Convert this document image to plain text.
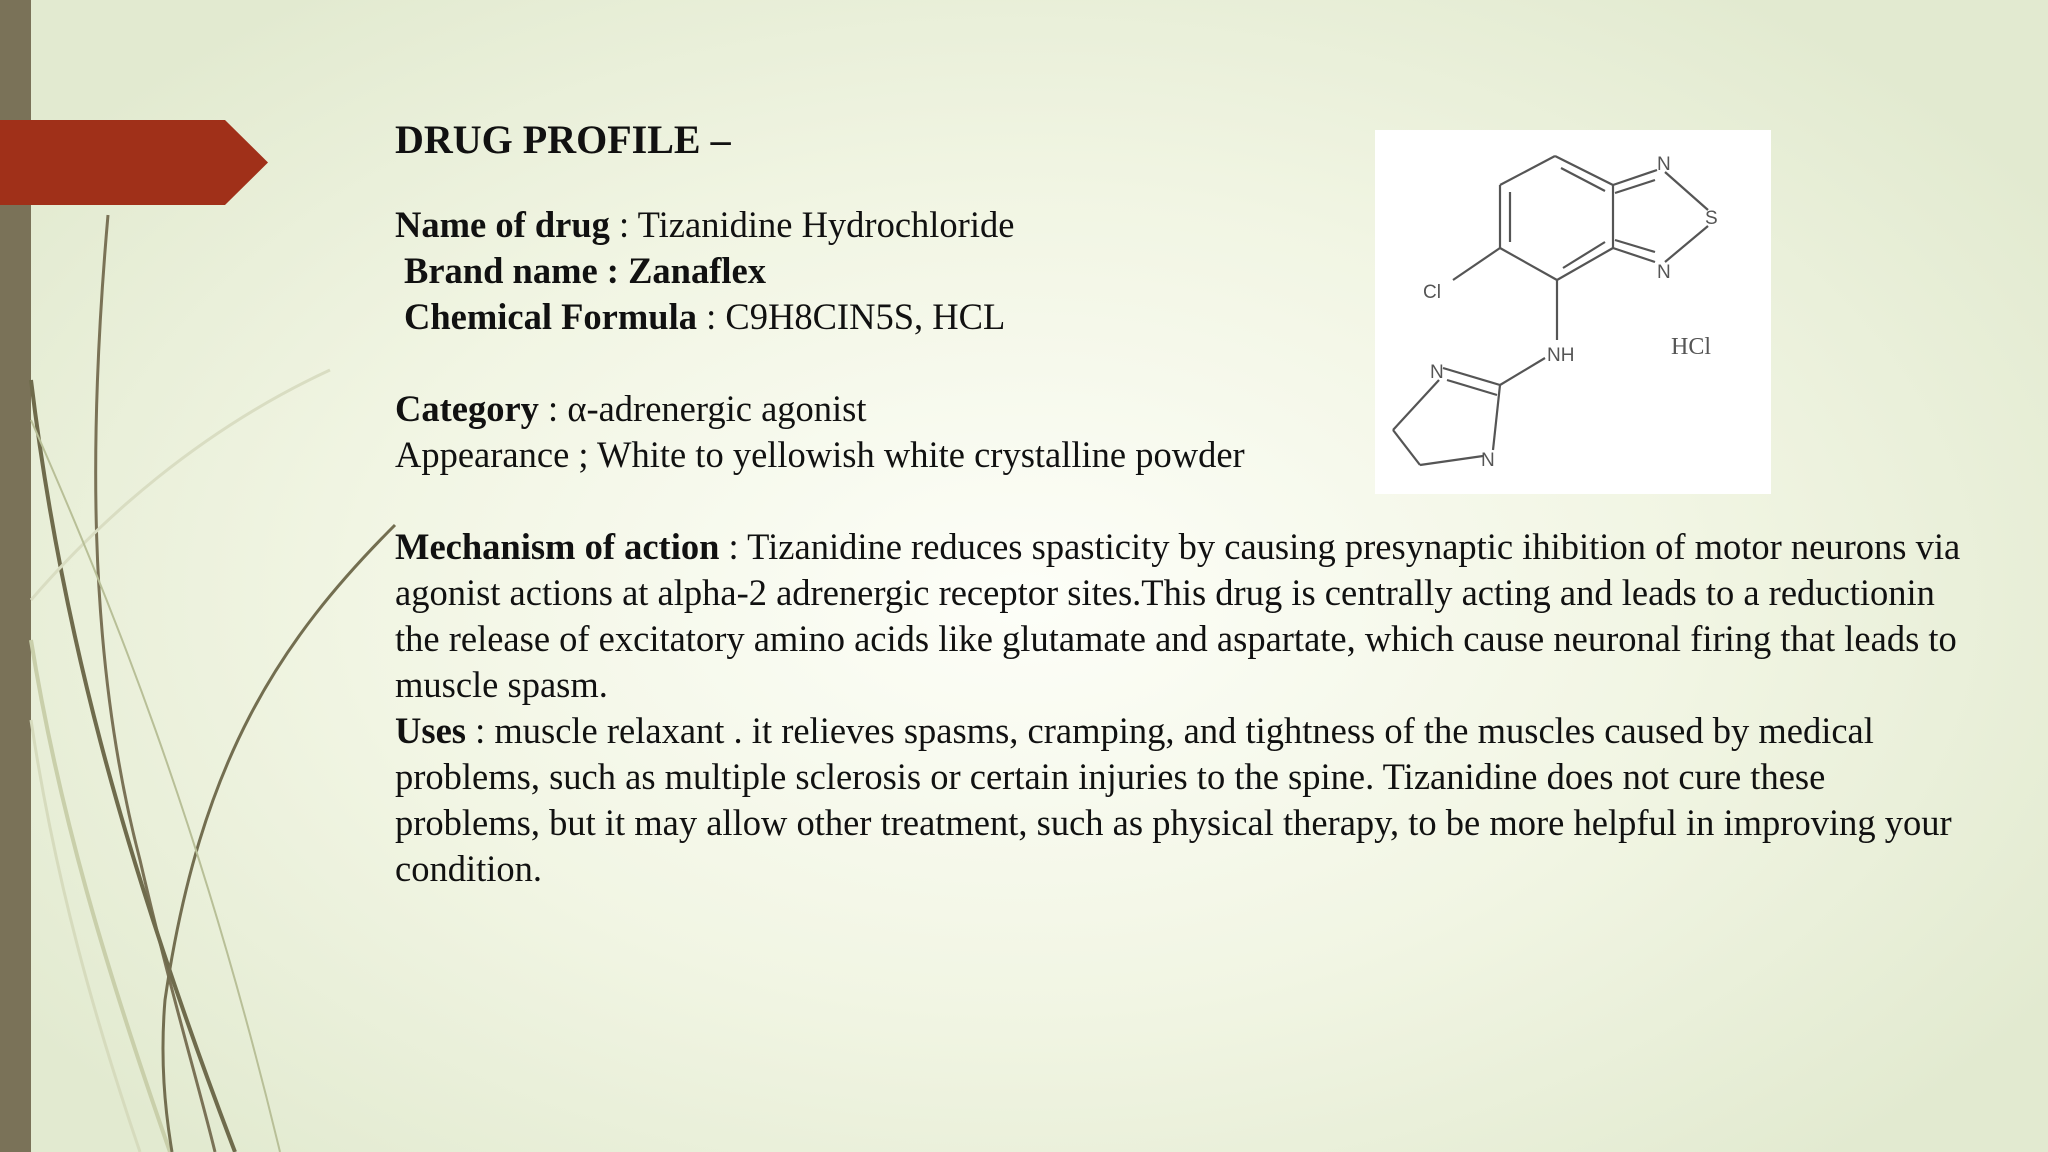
DRUG PROFILE –

Name of drug : Tizanidine Hydrochloride

Brand name : Zanaflex

Chemical Formula : C9H8CIN5S, HCL

Category : α-adrenergic agonist

Appearance ; White to yellowish white crystalline powder

Mechanism of action : Tizanidine reduces spasticity by causing presynaptic ihibition of motor neurons via agonist actions at alpha-2 adrenergic receptor sites.This drug is centrally acting and leads to a reductionin the release of excitatory amino acids like glutamate and aspartate, which cause neuronal firing that leads to muscle spasm.

Uses : muscle relaxant . it relieves spasms, cramping, and tightness of the muscles caused by medical problems, such as multiple sclerosis or certain injuries to the spine. Tizanidine does not cure these problems, but it may allow other treatment, such as physical therapy, to be more helpful in improving your condition.

N
S
N
Cl
NH	HCl
N
N
